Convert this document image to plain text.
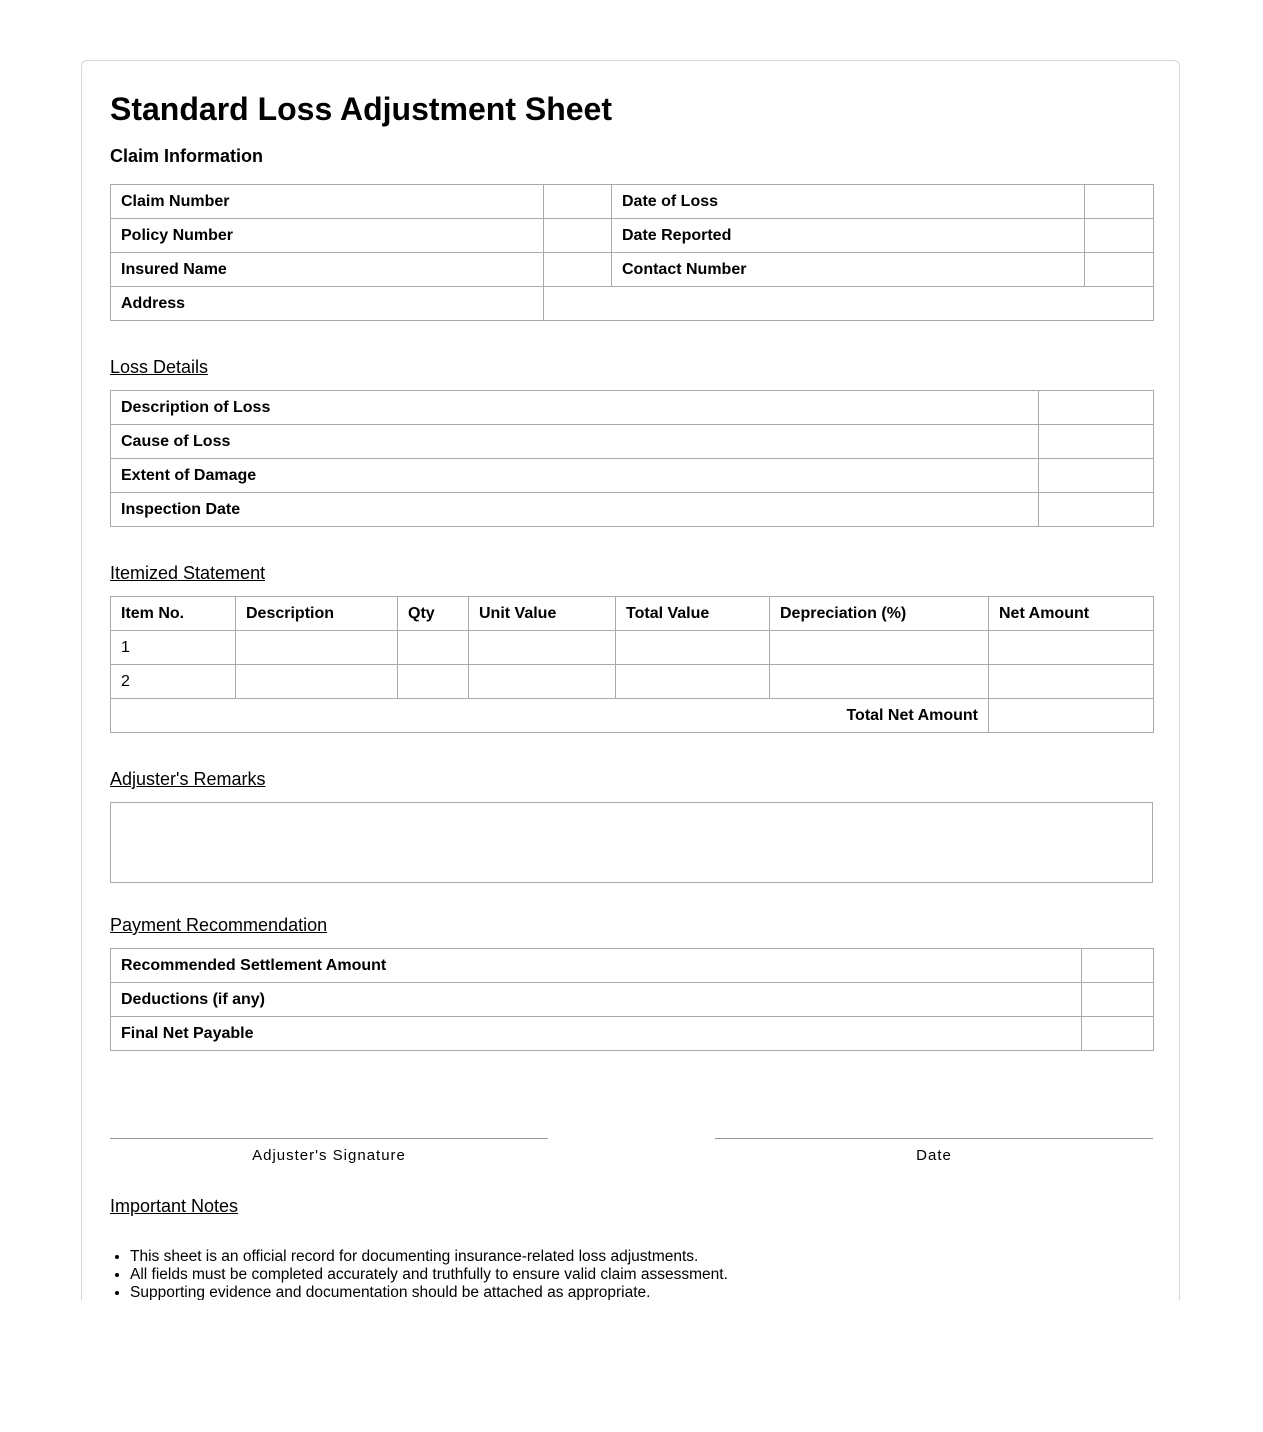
Standard Loss Adjustment Sheet
Claim Information
Claim Number		Date of Loss	
Policy Number		Date Reported	
Insured Name		Contact Number	
Address			
Loss Details
Description of Loss	
Cause of Loss	
Extent of Damage	
Inspection Date	
Itemized Statement
Item No.	Description	Qty	Unit Value	Total Value	Depreciation (%)	Net Amount
1						
2						
Total Net Amount						
Adjuster's Remarks
Payment Recommendation
Recommended Settlement Amount	
Deductions (if any)	
Final Net Payable	
Adjuster's Signature	Date
Important Notes
• This sheet is an official record for documenting insurance-related loss adjustments.
• All fields must be completed accurately and truthfully to ensure valid claim assessment.
• Supporting evidence and documentation should be attached as appropriate.
